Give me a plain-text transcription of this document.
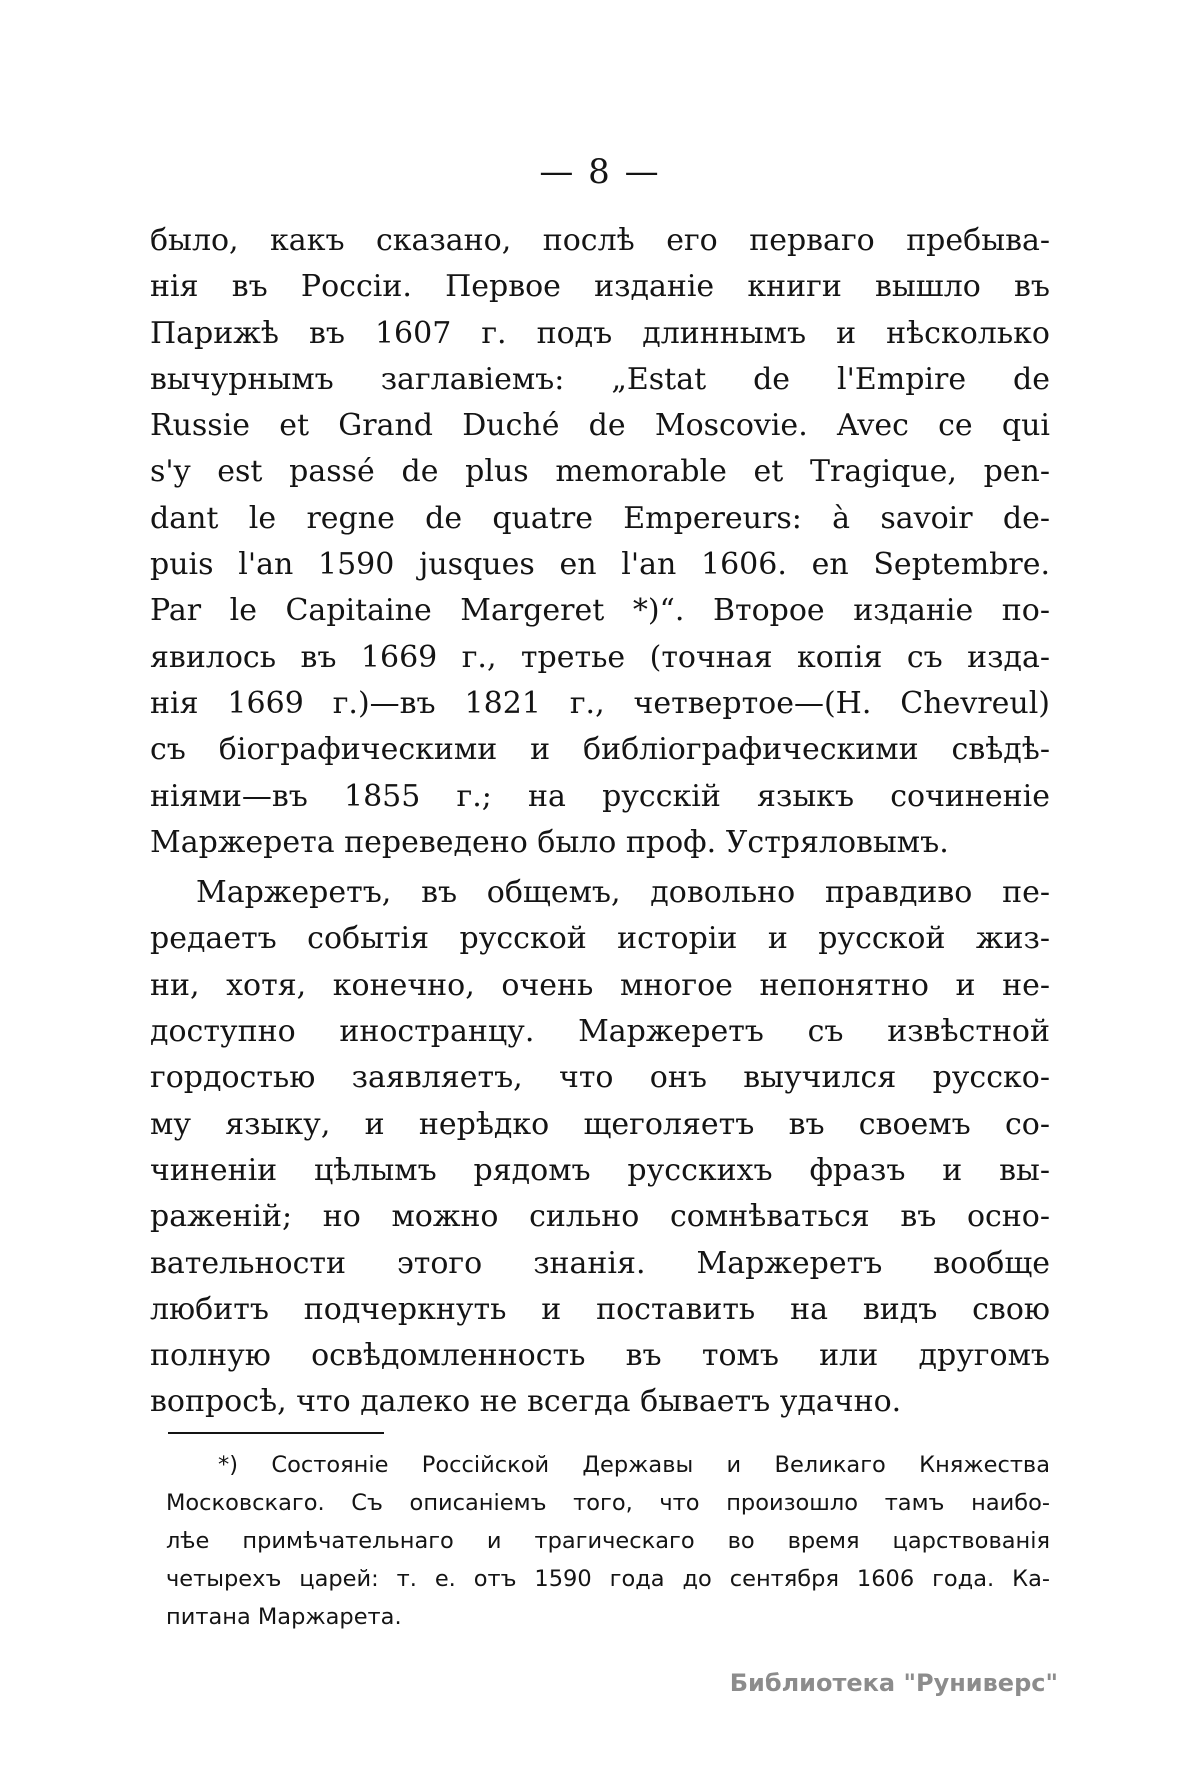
— 8 —
было, какъ сказано, послѣ его перваго пребыва-
нія въ Россіи. Первое изданіе книги вышло въ
Парижѣ въ 1607 г. подъ длиннымъ и нѣсколько
вычурнымъ заглавіемъ: „Estat de l'Empire de
Russie et Grand Duché de Moscovie. Avec ce qui
s'y est passé de plus memorable et Tragique, pen-
dant le regne de quatre Empereurs: à savoir de-
puis l'an 1590 jusques en l'an 1606. en Septembre.
Par le Capitaine Margeret *)“. Второе изданіе по-
явилось въ 1669 г., третье (точная копія съ изда-
нія 1669 г.)—въ 1821 г., четвертое—(H. Chevreul)
съ біографическими и библіографическими свѣдѣ-
ніями—въ 1855 г.; на русскій языкъ сочиненіе
Маржерета переведено было проф. Устряловымъ.
Маржеретъ, въ общемъ, довольно правдиво пе-
редаетъ событія русской исторіи и русской жиз-
ни, хотя, конечно, очень многое непонятно и не-
доступно иностранцу. Маржеретъ съ извѣстной
гордостью заявляетъ, что онъ выучился русско-
му языку, и нерѣдко щеголяетъ въ своемъ со-
чиненіи цѣлымъ рядомъ русскихъ фразъ и вы-
раженій; но можно сильно сомнѣваться въ осно-
вательности этого знанія. Маржеретъ вообще
любитъ подчеркнуть и поставить на видъ свою
полную освѣдомленность въ томъ или другомъ
вопросѣ, что далеко не всегда бываетъ удачно.
*) Состояніе Россійской Державы и Великаго Княжества
Московскаго. Съ описаніемъ того, что произошло тамъ наибо-
лѣе примѣчательнаго и трагическаго во время царствованія
четырехъ царей: т. е. отъ 1590 года до сентября 1606 года. Ка-
питана Маржарета.
Библиотека "Руниверс"
